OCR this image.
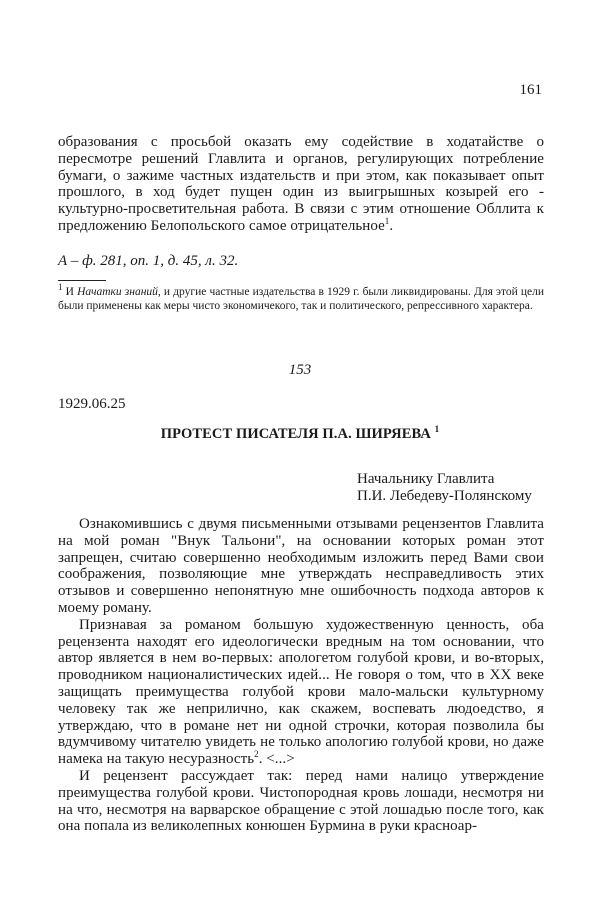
161

образования с просьбой оказать ему содействие в ходатайстве о пересмотре решений Главлита и органов, регулирующих потребление бумаги, о зажиме частных издательств и при этом, как показывает опыт прошлого, в ход будет пущен один из выигрышных козырей его - культурно-просветительная работа. В связи с этим отношение Обллита к предложению Белопольского самое отрицательное$^1$.

А – ф. 281, оп. 1, д. 45, л. 32.

$^1$ И Начатки знаний, и другие частные издательства в 1929 г. были ликвидированы. Для этой цели были применены как меры чисто экономичекого, так и политического, репрессивного характера.

153
1929.06.25
ПРОТЕСТ ПИСАТЕЛЯ П.А. ШИРЯЕВА $^1$
Начальнику Главлита
П.И. Лебедеву-Полянскому

Ознакомившись с двумя письменными отзывами рецензентов Главлита на мой роман "Внук Тальони", на основании которых роман этот запрещен, считаю совершенно необходимым изложить перед Вами свои соображения, позволяющие мне утверждать несправедливость этих отзывов и совершенно непонятную мне ошибочность подхода авторов к моему роману.

Признавая за романом большую художественную ценность, оба рецензента находят его идеологически вредным на том основании, что автор является в нем во-первых: апологетом голубой крови, и во-вторых, проводником националистических идей... Не говоря о том, что в XX веке защищать преимущества голубой крови мало-мальски культурному человеку так же неприлично, как скажем, воспевать людоедство, я утверждаю, что в романе нет ни одной строчки, которая позволила бы вдумчивому читателю увидеть не только апологию голубой крови, но даже намека на такую несуразность$^2$. <...>

И рецензент рассуждает так: перед нами налицо утверждение преимущества голубой крови. Чистопородная кровь лошади, несмотря ни на что, несмотря на варварское обращение с этой лошадью после того, как она попала из великолепных конюшен Бурмина в руки красноар-
